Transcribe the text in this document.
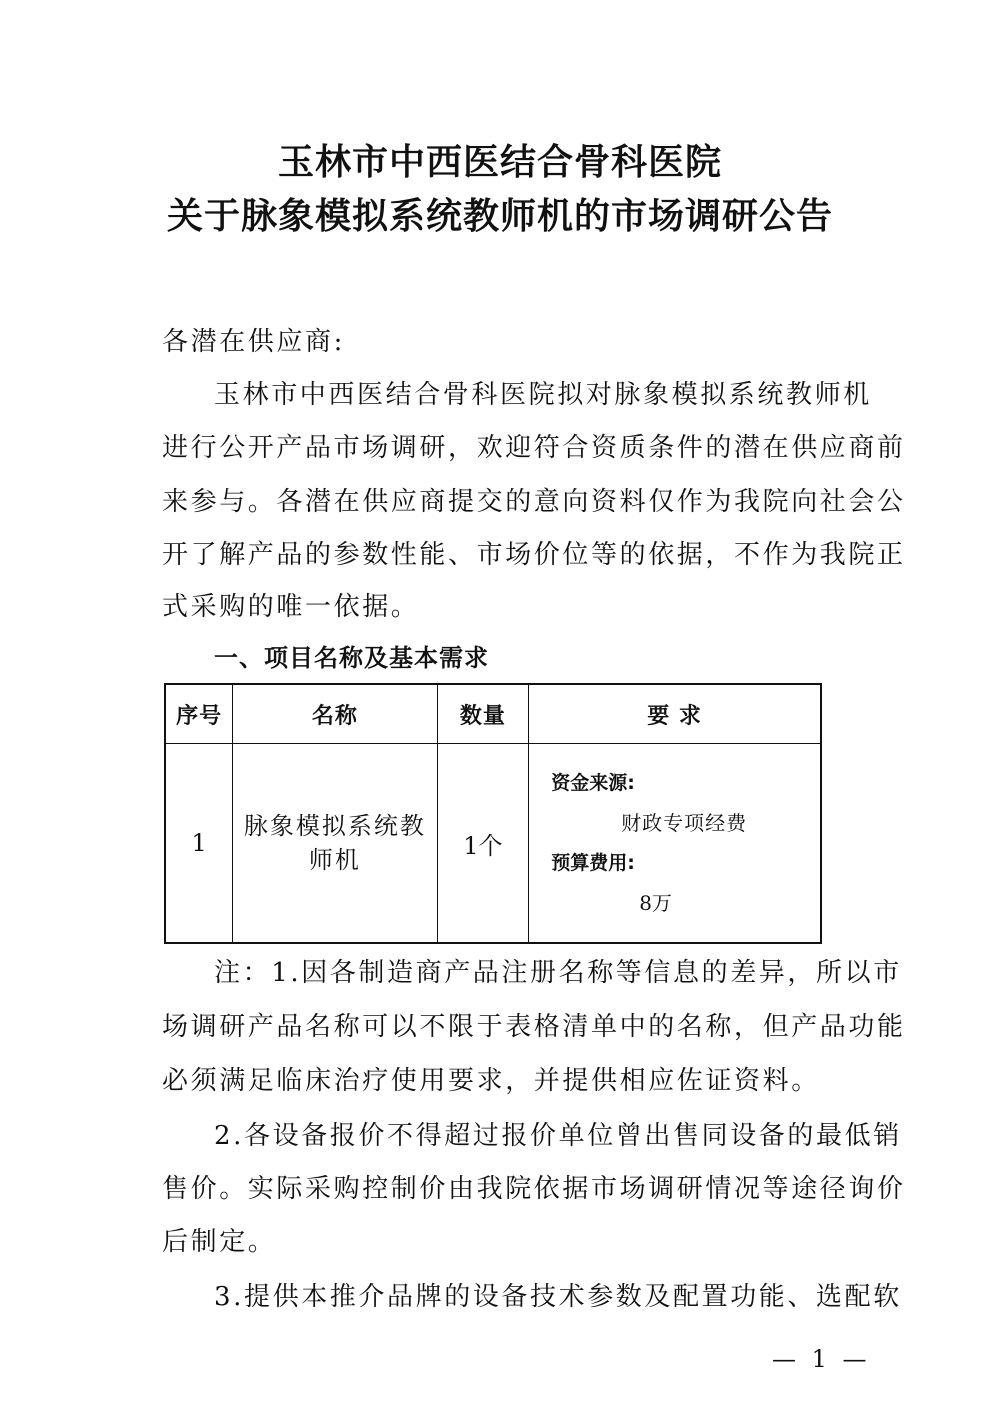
玉林市中西医结合骨科医院
关于脉象模拟系统教师机的市场调研公告
各潜在供应商:
玉林市中西医结合骨科医院拟对脉象模拟系统教师机
进行公开产品市场调研，欢迎符合资质条件的潜在供应商前
来参与。各潜在供应商提交的意向资料仅作为我院向社会公
开了解产品的参数性能、市场价位等的依据，不作为我院正
式采购的唯一依据。
一、项目名称及基本需求
序号	名称	数量	要 求
1	脉象模拟系统教师机	1个	资金来源:
财政专项经费
预算费用:
8万
注：1.因各制造商产品注册名称等信息的差异，所以市
场调研产品名称可以不限于表格清单中的名称，但产品功能
必须满足临床治疗使用要求，并提供相应佐证资料。
2.各设备报价不得超过报价单位曾出售同设备的最低销
售价。实际采购控制价由我院依据市场调研情况等途径询价
后制定。
3.提供本推介品牌的设备技术参数及配置功能、选配软
— 1 —
